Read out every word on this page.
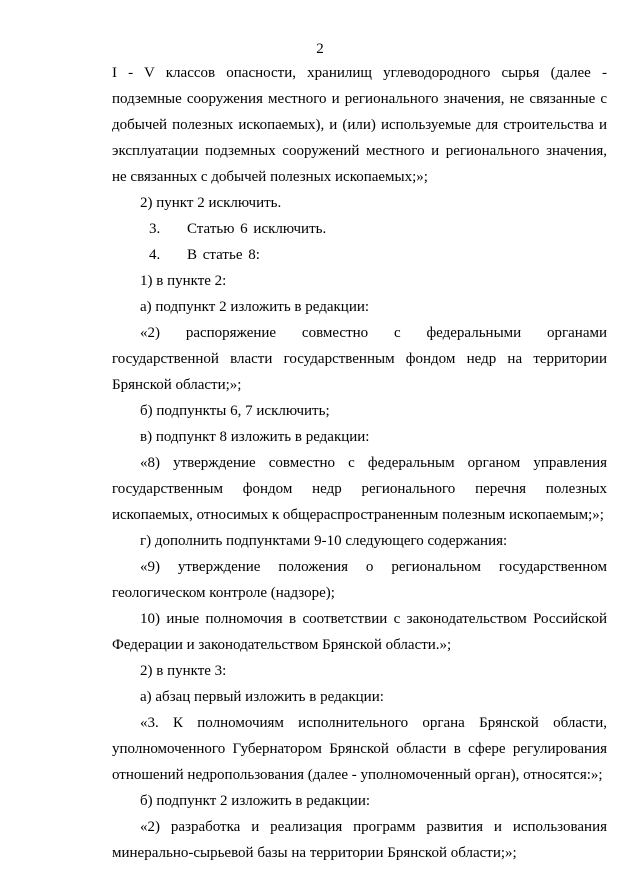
2

I - V классов опасности, хранилищ углеводородного сырья (далее - подземные сооружения местного и регионального значения, не связанные с добычей полезных ископаемых), и (или) используемые для строительства и эксплуатации подземных сооружений местного и регионального значения, не связанных с добычей полезных ископаемых;»;

2) пункт 2 исключить.

3. Статью 6 исключить.

4. В статье 8:

1) в пункте 2:

а) подпункт 2 изложить в редакции:

«2) распоряжение совместно с федеральными органами государственной власти государственным фондом недр на территории Брянской области;»;

б) подпункты 6, 7 исключить;

в) подпункт 8 изложить в редакции:

«8) утверждение совместно с федеральным органом управления государственным фондом недр регионального перечня полезных ископаемых, относимых к общераспространенным полезным ископаемым;»;

г) дополнить подпунктами 9-10 следующего содержания:

«9) утверждение положения о региональном государственном геологическом контроле (надзоре);

10) иные полномочия в соответствии с законодательством Российской Федерации и законодательством Брянской области.»;

2) в пункте 3:

а) абзац первый изложить в редакции:

«3. К полномочиям исполнительного органа Брянской области, уполномоченного Губернатором Брянской области в сфере регулирования отношений недропользования (далее - уполномоченный орган), относятся:»;

б) подпункт 2 изложить в редакции:

«2) разработка и реализация программ развития и использования минерально-сырьевой базы на территории Брянской области;»;
